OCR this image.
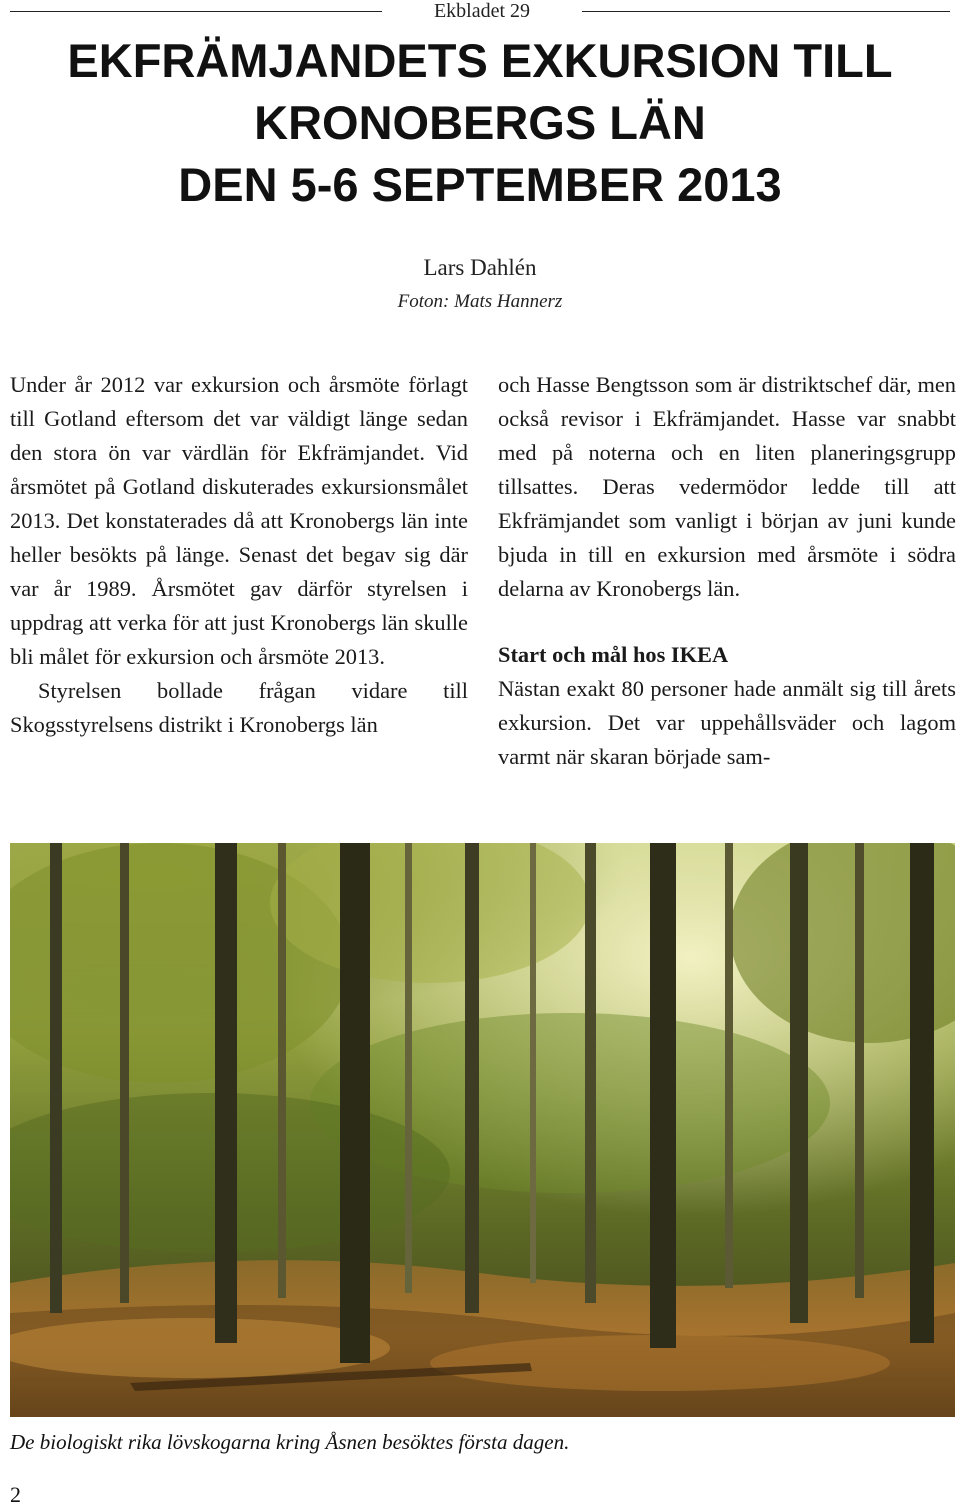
Ekbladet 29
EKFRÄMJANDETS EXKURSION TILL
KRONOBERGS LÄN
DEN 5-6 SEPTEMBER 2013
Lars Dahlén
Foton: Mats Hannerz

Under år 2012 var exkursion och årsmöte förlagt till Gotland eftersom det var väldigt länge sedan den stora ön var värdlän för Ekfrämjandet. Vid årsmötet på Gotland diskuterades exkursionsmålet 2013. Det konstaterades då att Kronobergs län inte heller besökts på länge. Senast det begav sig där var år 1989. Årsmötet gav därför styrelsen i uppdrag att verka för att just Kronobergs län skulle bli målet för exkursion och årsmöte 2013.

Styrelsen bollade frågan vidare till Skogsstyrelsens distrikt i Kronobergs län

och Hasse Bengtsson som är distriktschef där, men också revisor i Ekfrämjandet. Hasse var snabbt med på noterna och en liten planeringsgrupp tillsattes. Deras vedermödor ledde till att Ekfrämjandet som vanligt i början av juni kunde bjuda in till en exkursion med årsmöte i södra delarna av Kronobergs län.

Start och mål hos IKEA

Nästan exakt 80 personer hade anmält sig till årets exkursion. Det var uppehållsväder och lagom varmt när skaran började sam-

De biologiskt rika lövskogarna kring Åsnen besöktes första dagen.
2
